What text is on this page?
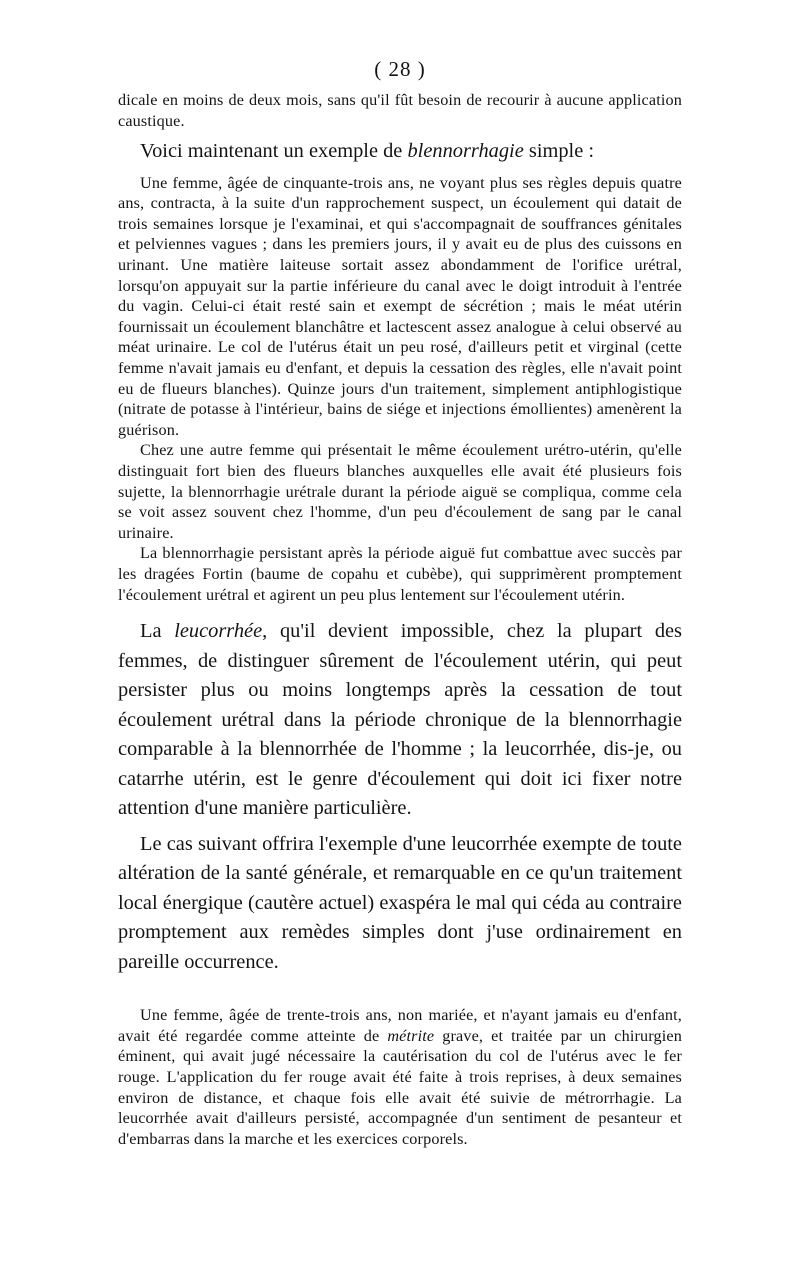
( 28 )

dicale en moins de deux mois, sans qu'il fût besoin de recourir à aucune application caustique.

Voici maintenant un exemple de blennorrhagie simple :

Une femme, âgée de cinquante-trois ans, ne voyant plus ses règles depuis quatre ans, contracta, à la suite d'un rapprochement suspect, un écoulement qui datait de trois semaines lorsque je l'examinai, et qui s'accompagnait de souffrances génitales et pelviennes vagues ; dans les premiers jours, il y avait eu de plus des cuissons en urinant. Une matière laiteuse sortait assez abondamment de l'orifice urétral, lorsqu'on appuyait sur la partie inférieure du canal avec le doigt introduit à l'entrée du vagin. Celui-ci était resté sain et exempt de sécrétion ; mais le méat utérin fournissait un écoulement blanchâtre et lactescent assez analogue à celui observé au méat urinaire. Le col de l'utérus était un peu rosé, d'ailleurs petit et virginal (cette femme n'avait jamais eu d'enfant, et depuis la cessation des règles, elle n'avait point eu de flueurs blanches). Quinze jours d'un traitement, simplement antiphlogistique (nitrate de potasse à l'intérieur, bains de siége et injections émollientes) amenèrent la guérison.

Chez une autre femme qui présentait le même écoulement urétro-utérin, qu'elle distinguait fort bien des flueurs blanches auxquelles elle avait été plusieurs fois sujette, la blennorrhagie urétrale durant la période aiguë se compliqua, comme cela se voit assez souvent chez l'homme, d'un peu d'écoulement de sang par le canal urinaire.

La blennorrhagie persistant après la période aiguë fut combattue avec succès par les dragées Fortin (baume de copahu et cubèbe), qui supprimèrent promptement l'écoulement urétral et agirent un peu plus lentement sur l'écoulement utérin.

La leucorrhée, qu'il devient impossible, chez la plupart des femmes, de distinguer sûrement de l'écoulement utérin, qui peut persister plus ou moins longtemps après la cessation de tout écoulement urétral dans la période chronique de la blennorrhagie comparable à la blennorrhée de l'homme ; la leucorrhée, dis-je, ou catarrhe utérin, est le genre d'écoulement qui doit ici fixer notre attention d'une manière particulière.

Le cas suivant offrira l'exemple d'une leucorrhée exempte de toute altération de la santé générale, et remarquable en ce qu'un traitement local énergique (cautère actuel) exaspéra le mal qui céda au contraire promptement aux remèdes simples dont j'use ordinairement en pareille occurrence.

Une femme, âgée de trente-trois ans, non mariée, et n'ayant jamais eu d'enfant, avait été regardée comme atteinte de métrite grave, et traitée par un chirurgien éminent, qui avait jugé nécessaire la cautérisation du col de l'utérus avec le fer rouge. L'application du fer rouge avait été faite à trois reprises, à deux semaines environ de distance, et chaque fois elle avait été suivie de métrorrhagie. La leucorrhée avait d'ailleurs persisté, accompagnée d'un sentiment de pesanteur et d'embarras dans la marche et les exercices corporels.
